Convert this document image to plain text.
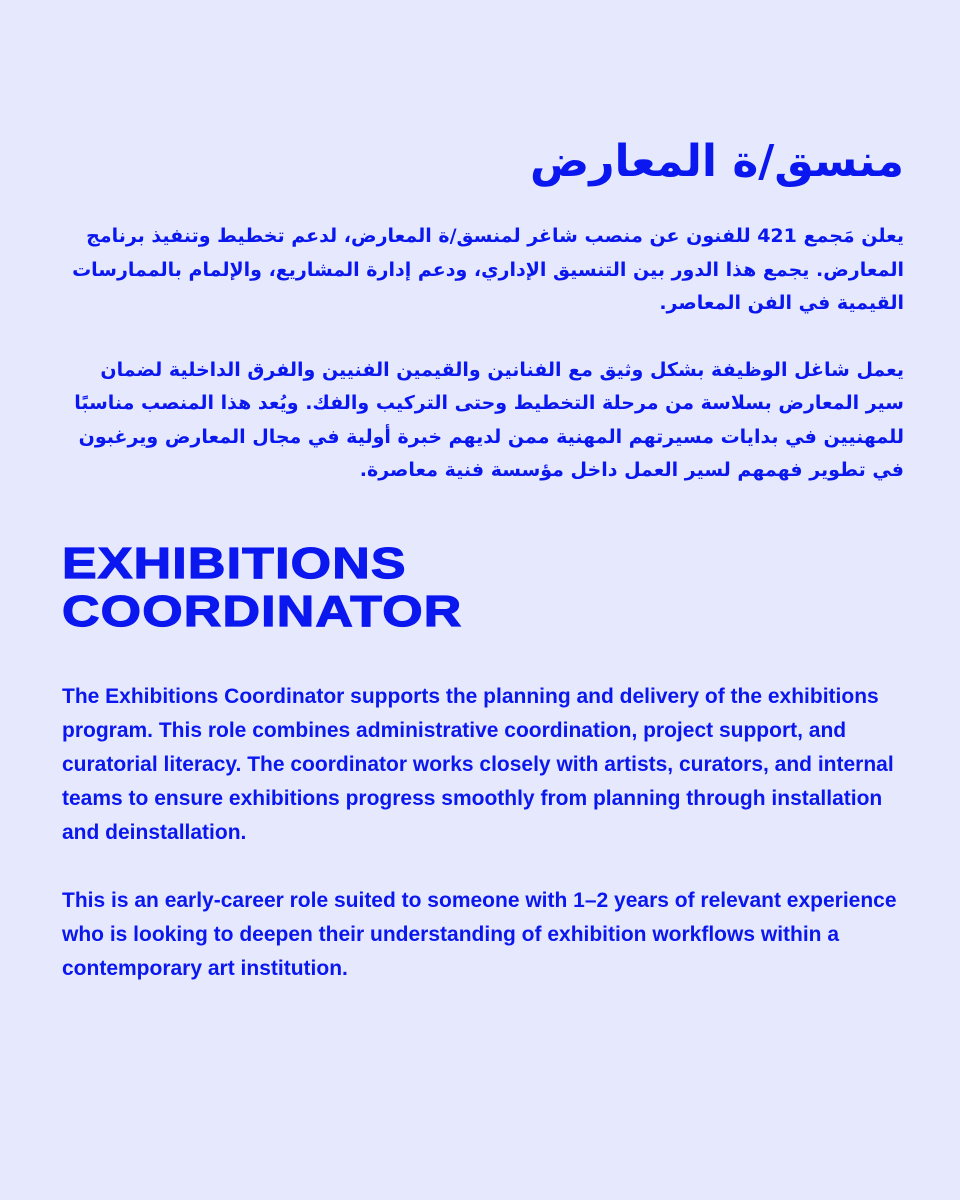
منسق/ة المعارض

يعلن مَجمع 421 للفنون عن منصب شاغر لمنسق/ة المعارض، لدعم تخطيط وتنفيذ برنامج المعارض. يجمع هذا الدور بين التنسيق الإداري، ودعم إدارة المشاريع، والإلمام بالممارسات القيمية في الفن المعاصر.

يعمل شاغل الوظيفة بشكل وثيق مع الفنانين والقيمين الفنيين والفرق الداخلية لضمان سير المعارض بسلاسة من مرحلة التخطيط وحتى التركيب والفك. ويُعد هذا المنصب مناسبًا للمهنيين في بدايات مسيرتهم المهنية ممن لديهم خبرة أولية في مجال المعارض ويرغبون في تطوير فهمهم لسير العمل داخل مؤسسة فنية معاصرة.

EXHIBITIONS
COORDINATOR

The Exhibitions Coordinator supports the planning and delivery of the exhibitions program. This role combines administrative coordination, project support, and curatorial literacy. The coordinator works closely with artists, curators, and internal teams to ensure exhibitions progress smoothly from planning through installation and deinstallation.

This is an early-career role suited to someone with 1–2 years of relevant experience who is looking to deepen their understanding of exhibition workflows within a contemporary art institution.
